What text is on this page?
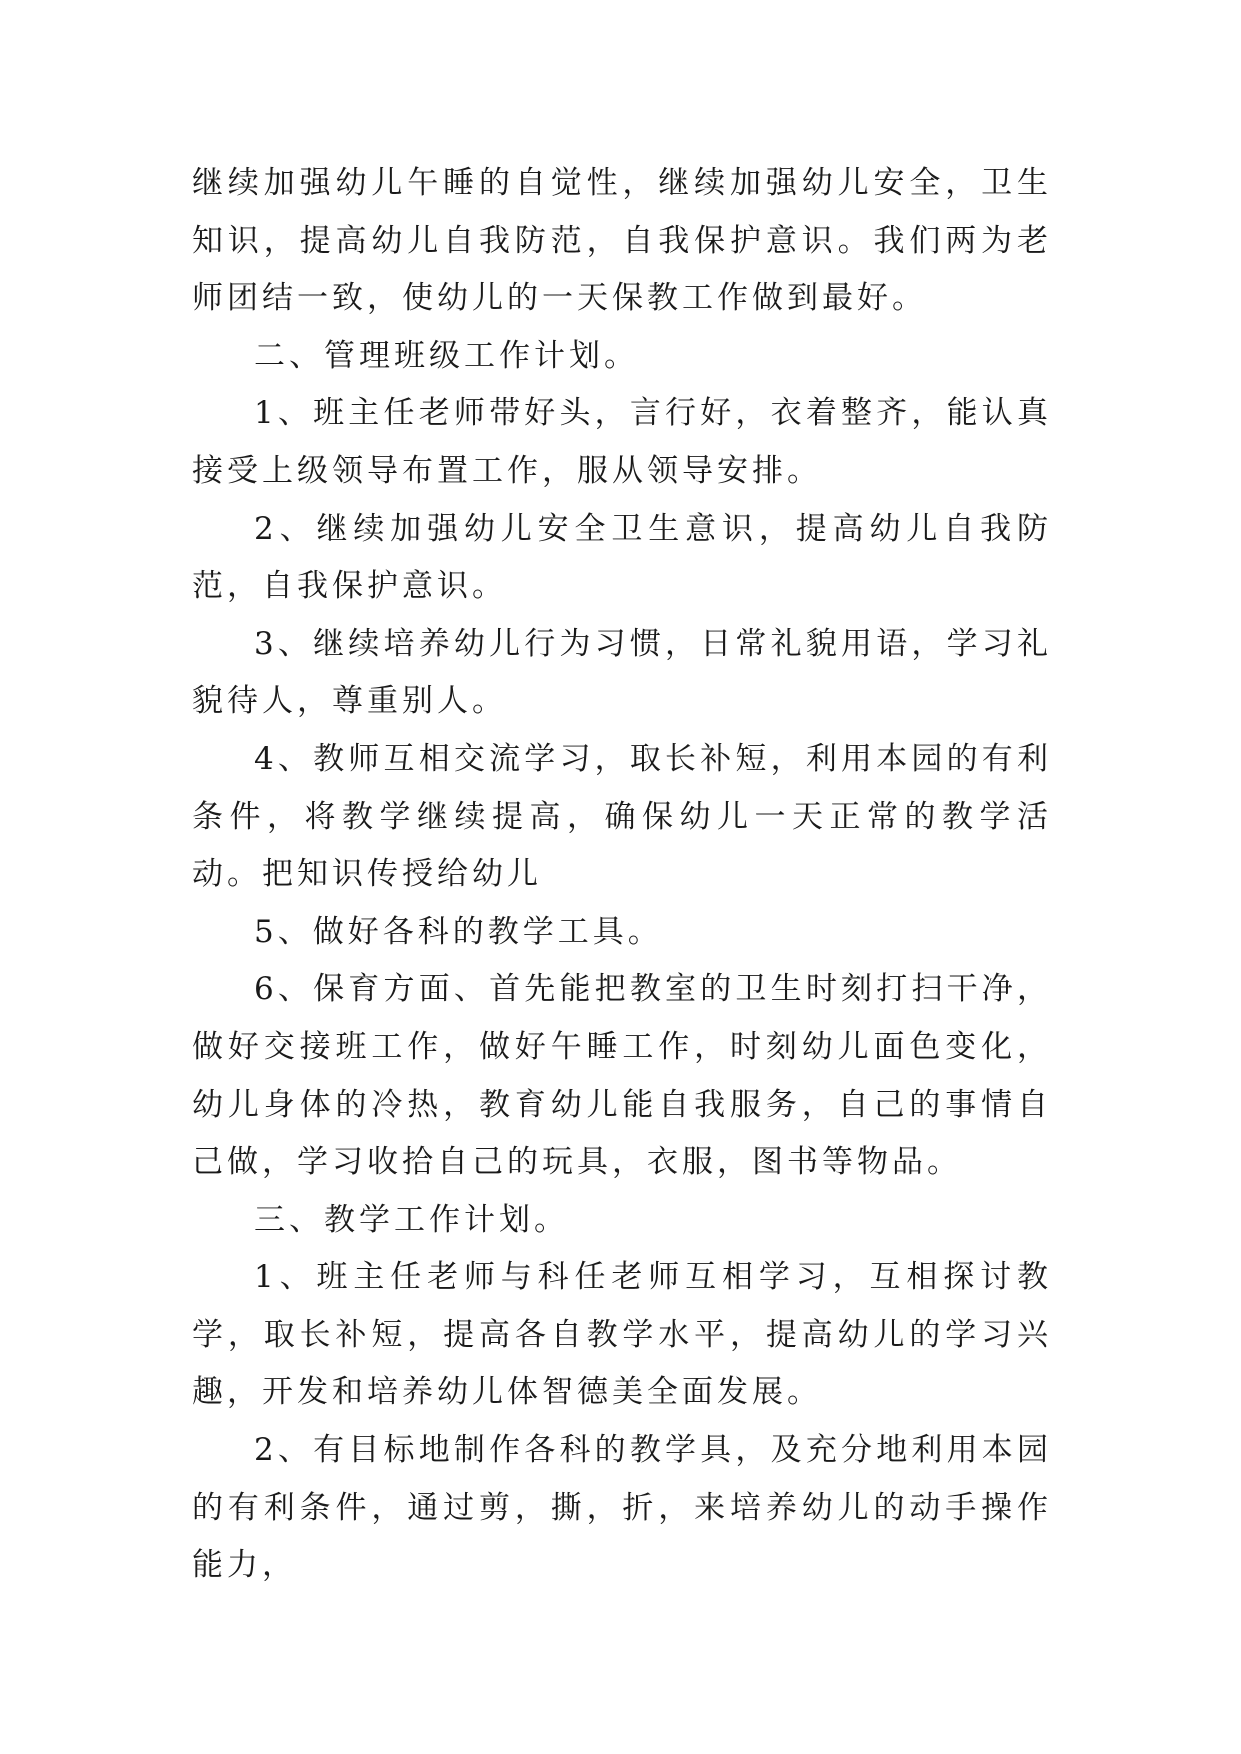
继续加强幼儿午睡的自觉性，继续加强幼儿安全，卫生知识，提高幼儿自我防范，自我保护意识。我们两为老师团结一致，使幼儿的一天保教工作做到最好。

二、管理班级工作计划。

1、班主任老师带好头，言行好，衣着整齐，能认真接受上级领导布置工作，服从领导安排。

2、继续加强幼儿安全卫生意识，提高幼儿自我防范，自我保护意识。

3、继续培养幼儿行为习惯，日常礼貌用语，学习礼貌待人，尊重别人。

4、教师互相交流学习，取长补短，利用本园的有利条件，将教学继续提高，确保幼儿一天正常的教学活动。把知识传授给幼儿

5、做好各科的教学工具。

6、保育方面、首先能把教室的卫生时刻打扫干净，做好交接班工作，做好午睡工作，时刻幼儿面色变化，幼儿身体的冷热，教育幼儿能自我服务，自己的事情自己做，学习收拾自己的玩具，衣服，图书等物品。

三、教学工作计划。

1、班主任老师与科任老师互相学习，互相探讨教学，取长补短，提高各自教学水平，提高幼儿的学习兴趣，开发和培养幼儿体智德美全面发展。

2、有目标地制作各科的教学具，及充分地利用本园的有利条件，通过剪，撕，折，来培养幼儿的动手操作能力，
